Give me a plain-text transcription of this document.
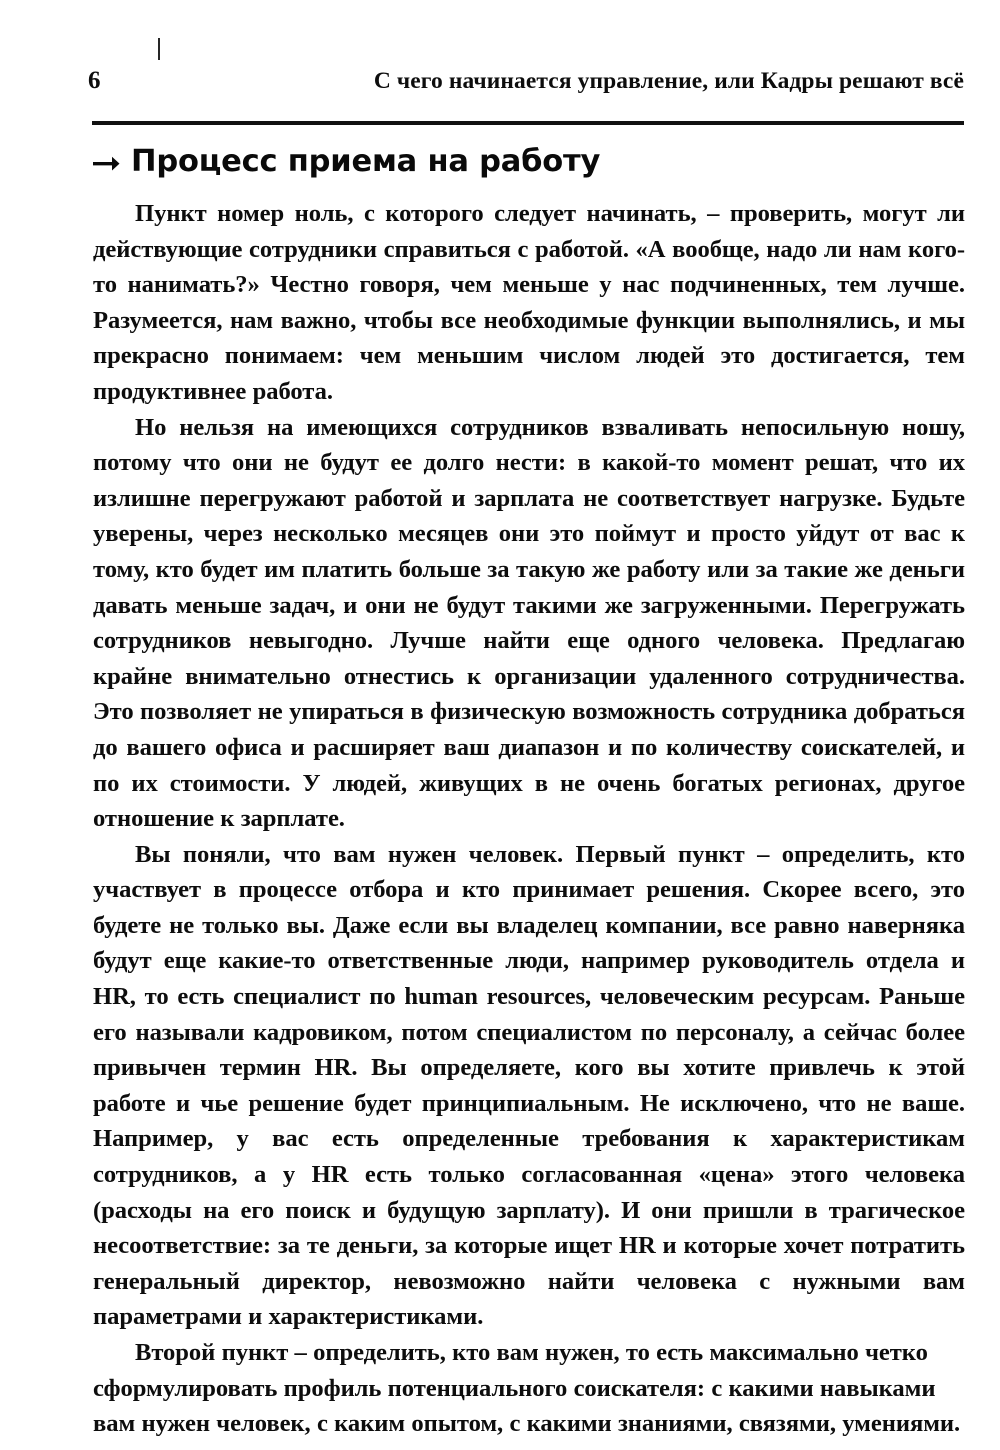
6	С чего начинается управление, или Кадры решают всё
Процесс приема на работу

Пункт номер ноль, с которого следует начинать, – проверить, могут ли действующие сотрудники справиться с работой. «А вообще, надо ли нам кого-то нанимать?» Честно говоря, чем меньше у нас подчиненных, тем лучше. Разумеется, нам важно, чтобы все необходимые функции выполнялись, и мы прекрасно понимаем: чем меньшим числом людей это достигается, тем продуктивнее работа.

Но нельзя на имеющихся сотрудников взваливать непосильную ношу, потому что они не будут ее долго нести: в какой-то момент решат, что их излишне перегружают работой и зарплата не соответствует нагрузке. Будьте уверены, через несколько месяцев они это поймут и просто уйдут от вас к тому, кто будет им платить больше за такую же работу или за такие же деньги давать меньше задач, и они не будут такими же загруженными. Перегружать сотрудников невыгодно. Лучше найти еще одного человека. Предлагаю крайне внимательно отнестись к организации удаленного сотрудничества. Это позволяет не упираться в физическую возможность сотрудника добраться до вашего офиса и расширяет ваш диапазон и по количеству соискателей, и по их стоимости. У людей, живущих в не очень богатых регионах, другое отношение к зарплате.

Вы поняли, что вам нужен человек. Первый пункт – определить, кто участвует в процессе отбора и кто принимает решения. Скорее всего, это будете не только вы. Даже если вы владелец компании, все равно наверняка будут еще какие-то ответственные люди, например руководитель отдела и HR, то есть специалист по human resources, человеческим ресурсам. Раньше его называли кадровиком, потом специалистом по персоналу, а сейчас более привычен термин HR. Вы определяете, кого вы хотите привлечь к этой работе и чье решение будет принципиальным. Не исключено, что не ваше. Например, у вас есть определенные требования к характеристикам сотрудников, а у HR есть только согласованная «цена» этого человека (расходы на его поиск и будущую зарплату). И они пришли в трагическое несоответствие: за те деньги, за которые ищет HR и которые хочет потратить генеральный директор, невозможно найти человека с нужными вам параметрами и характеристиками.

Второй пункт – определить, кто вам нужен, то есть максимально четко сформулировать профиль потенциального соискателя: с какими навыками вам нужен человек, с каким опытом, с какими знаниями, связями, умениями.
